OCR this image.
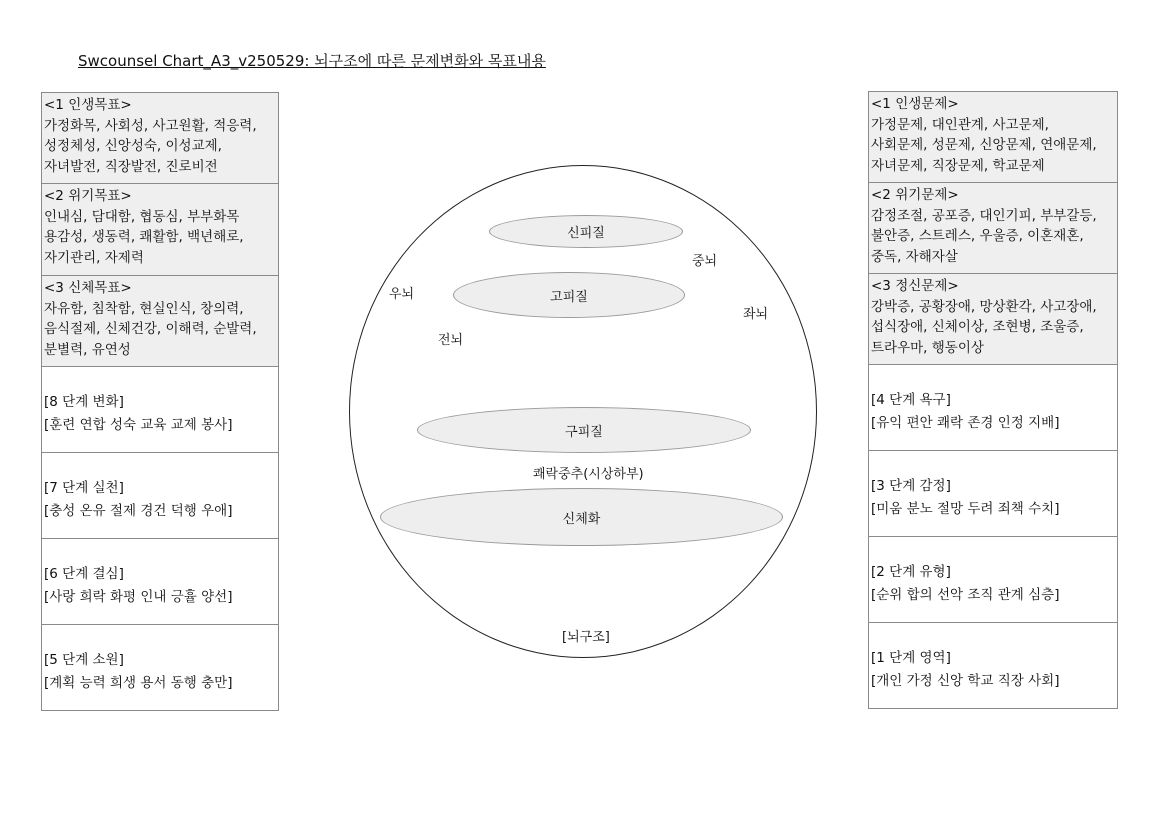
Swcounsel Chart_A3_v250529: 뇌구조에 따른 문제변화와 목표내용
<1 인생목표>
가정화목, 사회성, 사고원활, 적응력,
성정체성, 신앙성숙, 이성교제,
자녀발전, 직장발전, 진로비전
<2 위기목표>
인내심, 담대함, 협동심, 부부화목
용감성, 생동력, 쾌활함, 백년해로,
자기관리, 자제력
<3 신체목표>
자유함, 침착함, 현실인식, 창의력,
음식절제, 신체건강, 이해력, 순발력,
분별력, 유연성
[8 단계 변화]
[훈련 연합 성숙 교육 교제 봉사]
[7 단계 실천]
[충성 온유 절제 경건 덕행 우애]
[6 단계 결심]
[사랑 희락 화평 인내 긍휼 양선]
[5 단계 소원]
[계획 능력 희생 용서 동행 충만]
<1 인생문제>
가정문제, 대인관계, 사고문제,
사회문제, 성문제, 신앙문제, 연애문제,
자녀문제, 직장문제, 학교문제
<2 위기문제>
감정조절, 공포증, 대인기피, 부부갈등,
불안증, 스트레스, 우울증, 이혼재혼,
중독, 자해자살
<3 정신문제>
강박증, 공황장애, 망상환각, 사고장애,
섭식장애, 신체이상, 조현병, 조울증,
트라우마, 행동이상
[4 단계 욕구]
[유익 편안 쾌락 존경 인정 지배]
[3 단계 감정]
[미움 분노 절망 두려 죄책 수치]
[2 단계 유형]
[순위 합의 선악 조직 관계 심층]
[1 단계 영역]
[개인 가정 신앙 학교 직장 사회]
신피질
고피질
구피질
신체화
중뇌
우뇌
좌뇌
전뇌
쾌락중추(시상하부)
[뇌구조]
